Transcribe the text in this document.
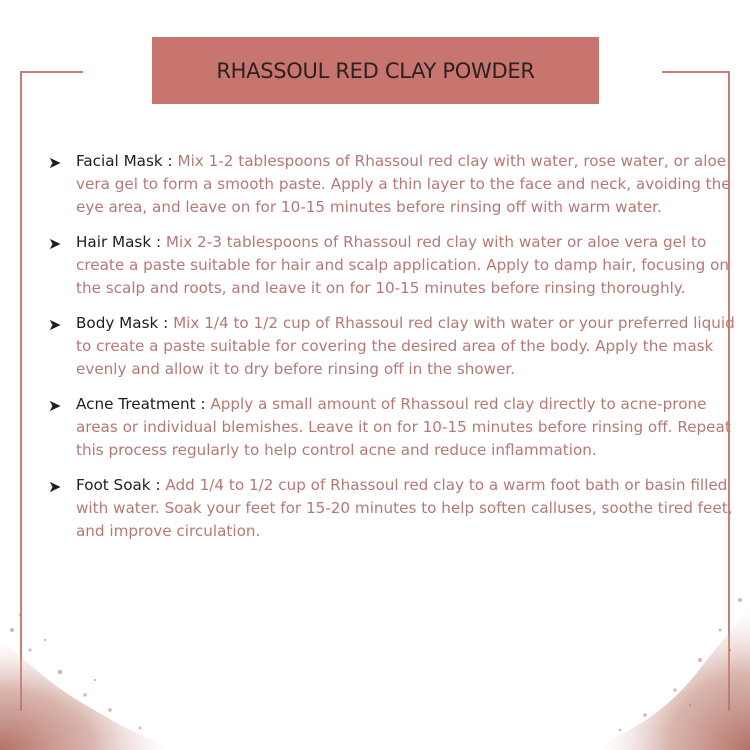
RHASSOUL RED CLAY POWDER
➤ Facial Mask : Mix 1-2 tablespoons of Rhassoul red clay with water, rose water, or aloe vera gel to form a smooth paste. Apply a thin layer to the face and neck, avoiding the eye area, and leave on for 10-15 minutes before rinsing off with warm water.
➤ Hair Mask : Mix 2-3 tablespoons of Rhassoul red clay with water or aloe vera gel to create a paste suitable for hair and scalp application. Apply to damp hair, focusing on the scalp and roots, and leave it on for 10-15 minutes before rinsing thoroughly.
➤ Body Mask : Mix 1/4 to 1/2 cup of Rhassoul red clay with water or your preferred liquid to create a paste suitable for covering the desired area of the body. Apply the mask evenly and allow it to dry before rinsing off in the shower.
➤ Acne Treatment : Apply a small amount of Rhassoul red clay directly to acne-prone areas or individual blemishes. Leave it on for 10-15 minutes before rinsing off. Repeat this process regularly to help control acne and reduce inflammation.
➤ Foot Soak : Add 1/4 to 1/2 cup of Rhassoul red clay to a warm foot bath or basin filled with water. Soak your feet for 15-20 minutes to help soften calluses, soothe tired feet, and improve circulation.
